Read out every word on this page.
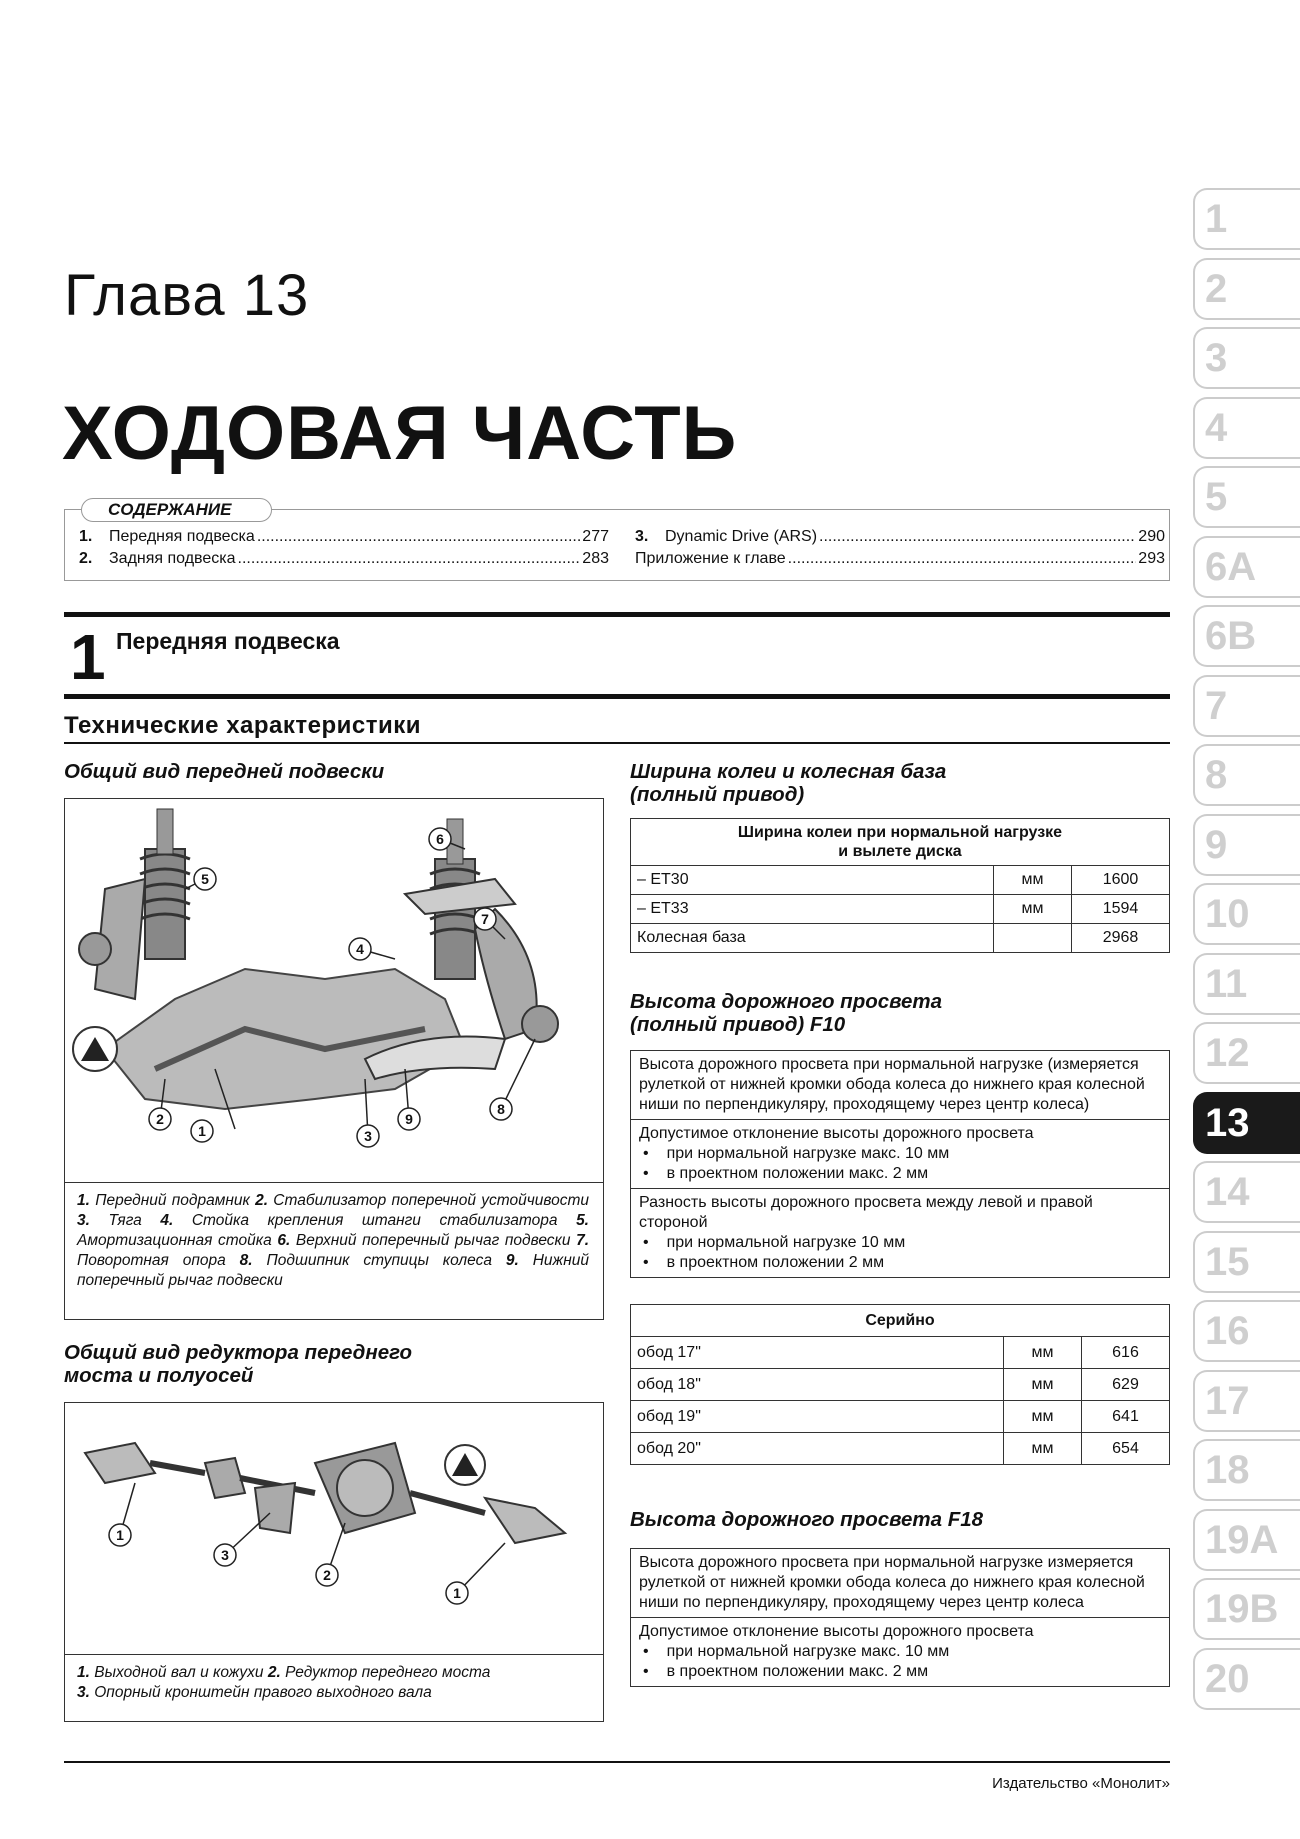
Глава 13
ХОДОВАЯ ЧАСТЬ
СОДЕРЖАНИЕ
1.	Передняя подвеска .....	277
2.	Задняя подвеска .....	283
3.	Dynamic Drive (ARS) .....	290
Приложение к главе .....	293
1 Передняя подвеска
Технические характеристики
Общий вид передней подвески
1
2
3
4
5
6
7
8
9
1. Передний подрамник 2. Стабилизатор поперечной устойчивости 3. Тяга 4. Стойка крепления штанги стабилизатора 5. Амортизационная стойка 6. Верхний поперечный рычаг подвески 7. Поворотная опора 8. Подшипник ступицы колеса 9. Нижний поперечный рычаг подвески
Общий вид редуктора переднего
моста и полуосей
1
3
2
1
1. Выходной вал и кожухи 2. Редуктор переднего моста
3. Опорный кронштейн правого выходного вала
Ширина колеи и колесная база
(полный привод)
Ширина колеи при нормальной нагрузке
и вылете диска		

– ET30	мм	1600
– ET33	мм	1594
Колесная база		2968
Высота дорожного просвета
(полный привод) F10
Высота дорожного просвета при нормальной нагрузке (измеряется рулеткой от нижней кромки обода колеса до нижнего края колесной ниши по перпендикуляру, проходящему через центр колеса)
Допустимое отклонение высоты дорожного просвета
• при нормальной нагрузке макс. 10 мм
• в проектном положении макс. 2 мм
Разность высоты дорожного просвета между левой и правой стороной
• при нормальной нагрузке 10 мм
• в проектном положении 2 мм
Серийно		
обод 17"	мм	616
обод 18"	мм	629
обод 19"	мм	641
обод 20"	мм	654
Высота дорожного просвета F18
Высота дорожного просвета при нормальной нагрузке измеряется рулеткой от нижней кромки обода колеса до нижнего края колесной ниши по перпендикуляру, проходящему через центр колеса
Допустимое отклонение высоты дорожного просвета
• при нормальной нагрузке макс. 10 мм
• в проектном положении макс. 2 мм
Издательство «Монолит»
1
2
3
4
5
6A
6B
7
8
9
10
11
12
13
14
15
16
17
18
19A
19B
20
